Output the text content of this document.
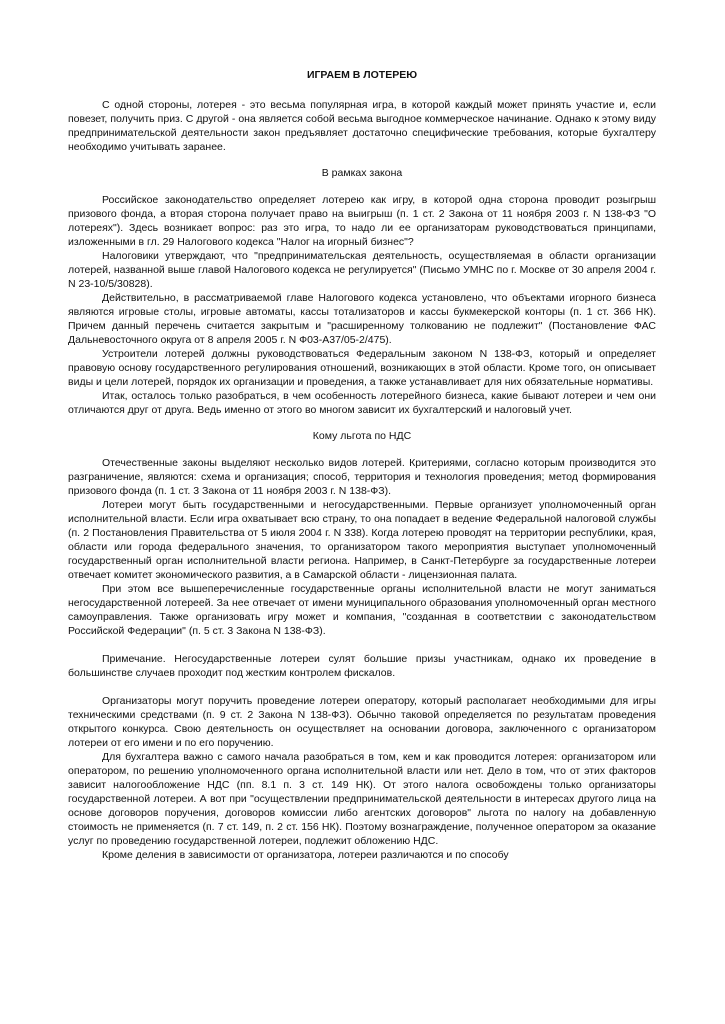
ИГРАЕМ В ЛОТЕРЕЮ

С одной стороны, лотерея - это весьма популярная игра, в которой каждый может принять участие и, если повезет, получить приз. С другой - она является собой весьма выгодное коммерческое начинание. Однако к этому виду предпринимательской деятельности закон предъявляет достаточно специфические требования, которые бухгалтеру необходимо учитывать заранее.

В рамках закона

Российское законодательство определяет лотерею как игру, в которой одна сторона проводит розыгрыш призового фонда, а вторая сторона получает право на выигрыш (п. 1 ст. 2 Закона от 11 ноября 2003 г. N 138-ФЗ "О лотереях"). Здесь возникает вопрос: раз это игра, то надо ли ее организаторам руководствоваться принципами, изложенными в гл. 29 Налогового кодекса "Налог на игорный бизнес"?

Налоговики утверждают, что "предпринимательская деятельность, осуществляемая в области организации лотерей, названной выше главой Налогового кодекса не регулируется" (Письмо УМНС по г. Москве от 30 апреля 2004 г. N 23-10/5/30828).

Действительно, в рассматриваемой главе Налогового кодекса установлено, что объектами игорного бизнеса являются игровые столы, игровые автоматы, кассы тотализаторов и кассы букмекерской конторы (п. 1 ст. 366 НК). Причем данный перечень считается закрытым и "расширенному толкованию не подлежит" (Постановление ФАС Дальневосточного округа от 8 апреля 2005 г. N Ф03-А37/05-2/475).

Устроители лотерей должны руководствоваться Федеральным законом N 138-ФЗ, который и определяет правовую основу государственного регулирования отношений, возникающих в этой области. Кроме того, он описывает виды и цели лотерей, порядок их организации и проведения, а также устанавливает для них обязательные нормативы.

Итак, осталось только разобраться, в чем особенность лотерейного бизнеса, какие бывают лотереи и чем они отличаются друг от друга. Ведь именно от этого во многом зависит их бухгалтерский и налоговый учет.

Кому льгота по НДС

Отечественные законы выделяют несколько видов лотерей. Критериями, согласно которым производится это разграничение, являются: схема и организация; способ, территория и технология проведения; метод формирования призового фонда (п. 1 ст. 3 Закона от 11 ноября 2003 г. N 138-ФЗ).

Лотереи могут быть государственными и негосударственными. Первые организует уполномоченный орган исполнительной власти. Если игра охватывает всю страну, то она попадает в ведение Федеральной налоговой службы (п. 2 Постановления Правительства от 5 июля 2004 г. N 338). Когда лотерею проводят на территории республики, края, области или города федерального значения, то организатором такого мероприятия выступает уполномоченный государственный орган исполнительной власти региона. Например, в Санкт-Петербурге за государственные лотереи отвечает комитет экономического развития, а в Самарской области - лицензионная палата.

При этом все вышеперечисленные государственные органы исполнительной власти не могут заниматься негосударственной лотереей. За нее отвечает от имени муниципального образования уполномоченный орган местного самоуправления. Также организовать игру может и компания, "созданная в соответствии с законодательством Российской Федерации" (п. 5 ст. 3 Закона N 138-ФЗ).

Примечание. Негосударственные лотереи сулят большие призы участникам, однако их проведение в большинстве случаев проходит под жестким контролем фискалов.

Организаторы могут поручить проведение лотереи оператору, который располагает необходимыми для игры техническими средствами (п. 9 ст. 2 Закона N 138-ФЗ). Обычно таковой определяется по результатам проведения открытого конкурса. Свою деятельность он осуществляет на основании договора, заключенного с организатором лотереи от его имени и по его поручению.

Для бухгалтера важно с самого начала разобраться в том, кем и как проводится лотерея: организатором или оператором, по решению уполномоченного органа исполнительной власти или нет. Дело в том, что от этих факторов зависит налогообложение НДС (пп. 8.1 п. 3 ст. 149 НК). От этого налога освобождены только организаторы государственной лотереи. А вот при "осуществлении предпринимательской деятельности в интересах другого лица на основе договоров поручения, договоров комиссии либо агентских договоров" льгота по налогу на добавленную стоимость не применяется (п. 7 ст. 149, п. 2 ст. 156 НК). Поэтому вознаграждение, полученное оператором за оказание услуг по проведению государственной лотереи, подлежит обложению НДС.

Кроме деления в зависимости от организатора, лотереи различаются и по способу
